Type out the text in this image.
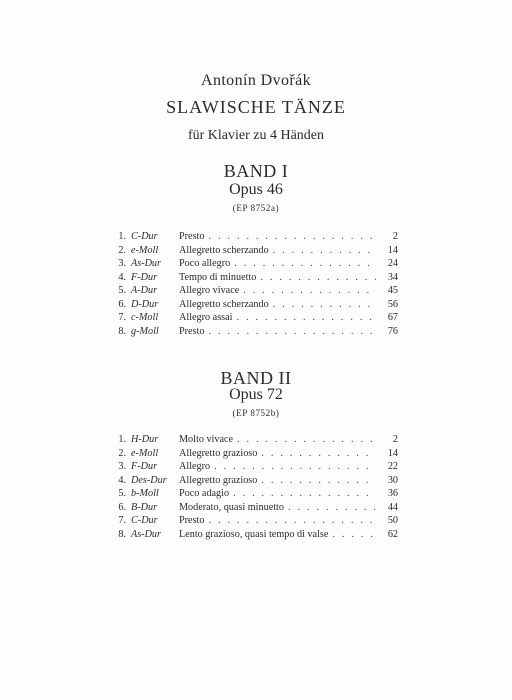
Antonín Dvořák
SLAWISCHE TÄNZE
für Klavier zu 4 Händen
BAND I
Opus 46
(EP 8752a)
1. C-Dur	Presto . . .	2
2. e-Moll	Allegretto scherzando . . .	14
3. As-Dur	Poco allegro . . .	24
4. F-Dur	Tempo di minuetto . . .	34
5. A-Dur	Allegro vivace . . .	45
6. D-Dur	Allegretto scherzando . . .	56
7. c-Moll	Allegro assai . . .	67
8. g-Moll	Presto . . .	76
BAND II
Opus 72
(EP 8752b)
1. H-Dur	Molto vivace . . .	2
2. e-Moll	Allegretto grazioso . . .	14
3. F-Dur	Allegro . . .	22
4. Des-Dur	Allegretto grazioso . . .	30
5. b-Moll	Poco adagio . . .	36
6. B-Dur	Moderato, quasi minuetto . . .	44
7. C-Dur	Presto . . .	50
8. As-Dur	Lento grazioso, quasi tempo di valse . . .	62
